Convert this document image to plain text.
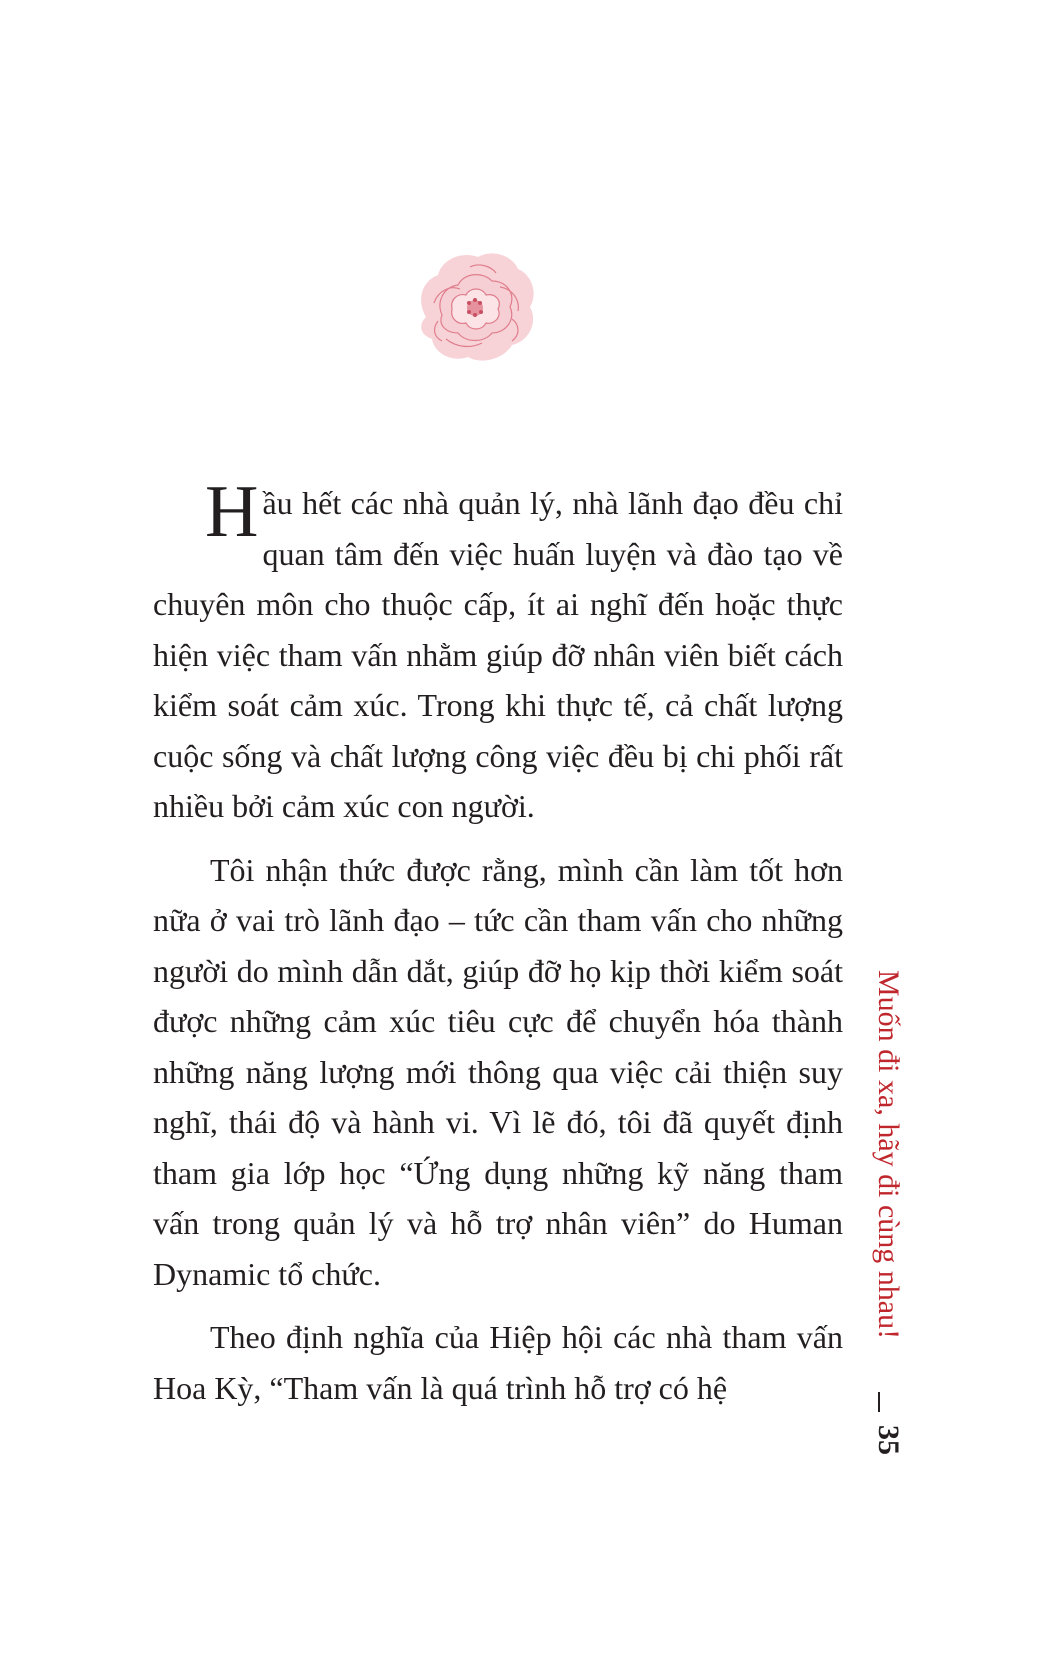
Hầu hết các nhà quản lý, nhà lãnh đạo đều chỉ quan tâm đến việc huấn luyện và đào tạo về chuyên môn cho thuộc cấp, ít ai nghĩ đến hoặc thực hiện việc tham vấn nhằm giúp đỡ nhân viên biết cách kiểm soát cảm xúc. Trong khi thực tế, cả chất lượng cuộc sống và chất lượng công việc đều bị chi phối rất nhiều bởi cảm xúc con người.

Tôi nhận thức được rằng, mình cần làm tốt hơn nữa ở vai trò lãnh đạo – tức cần tham vấn cho những người do mình dẫn dắt, giúp đỡ họ kịp thời kiểm soát được những cảm xúc tiêu cực để chuyển hóa thành những năng lượng mới thông qua việc cải thiện suy nghĩ, thái độ và hành vi. Vì lẽ đó, tôi đã quyết định tham gia lớp học “Ứng dụng những kỹ năng tham vấn trong quản lý và hỗ trợ nhân viên” do Human Dynamic tổ chức.

Theo định nghĩa của Hiệp hội các nhà tham vấn Hoa Kỳ, “Tham vấn là quá trình hỗ trợ có hệ

Muốn đi xa, hãy đi cùng nhau!
35
